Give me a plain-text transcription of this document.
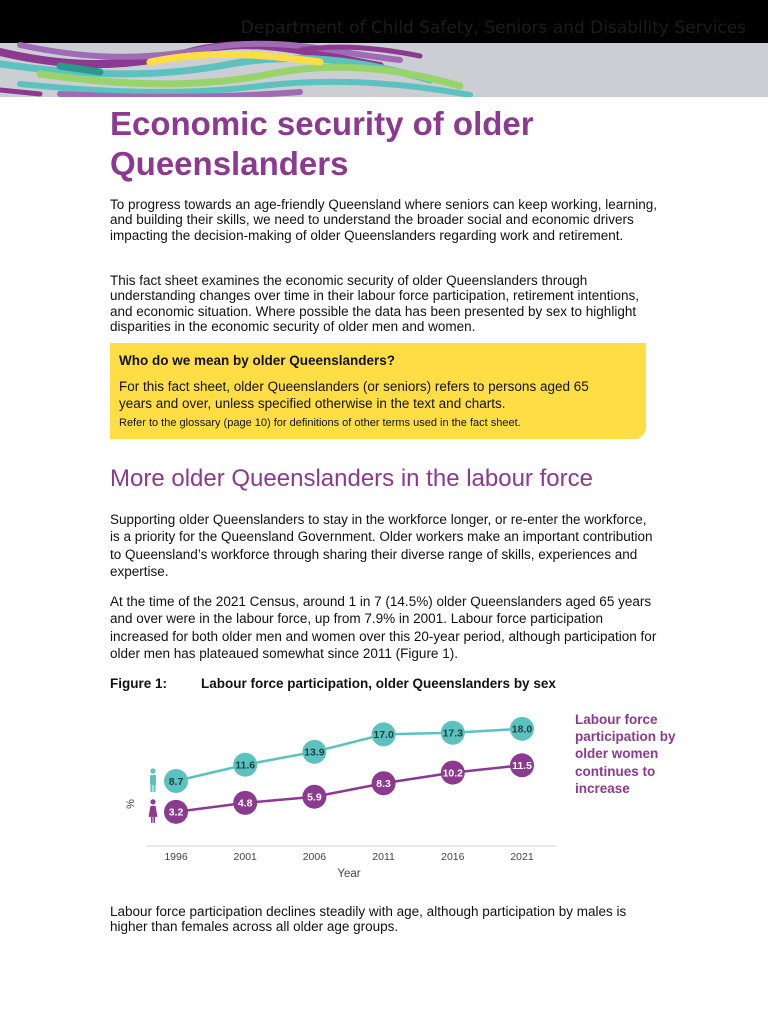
Department of Child Safety, Seniors and Disability Services
Economic security of older Queenslanders

To progress towards an age-friendly Queensland where seniors can keep working, learning, and building their skills, we need to understand the broader social and economic drivers impacting the decision-making of older Queenslanders regarding work and retirement.

This fact sheet examines the economic security of older Queenslanders through understanding changes over time in their labour force participation, retirement intentions, and economic situation. Where possible the data has been presented by sex to highlight disparities in the economic security of older men and women.

Who do we mean by older Queenslanders?
For this fact sheet, older Queenslanders (or seniors) refers to persons aged 65 years and over, unless specified otherwise in the text and charts.
Refer to the glossary (page 10) for definitions of other terms used in the fact sheet.
More older Queenslanders in the labour force

Supporting older Queenslanders to stay in the workforce longer, or re-enter the workforce, is a priority for the Queensland Government. Older workers make an important contribution to Queensland’s workforce through sharing their diverse range of skills, experiences and expertise.

At the time of the 2021 Census, around 1 in 7 (14.5%) older Queenslanders aged 65 years and over were in the labour force, up from 7.9% in 2001. Labour force participation increased for both older men and women over this 20-year period, although participation for older men has plateaued somewhat since 2011 (Figure 1).

Figure 1:	Labour force participation, older Queenslanders by sex
1996	2001	2006	2011	2016	2021
Year
%
8.7
11.6
13.9
17.0	17.3	18.0
3.2
4.8
5.9
8.3
10.2
11.5
Labour force participation by older women continues to increase

Labour force participation declines steadily with age, although participation by males is higher than females across all older age groups.
